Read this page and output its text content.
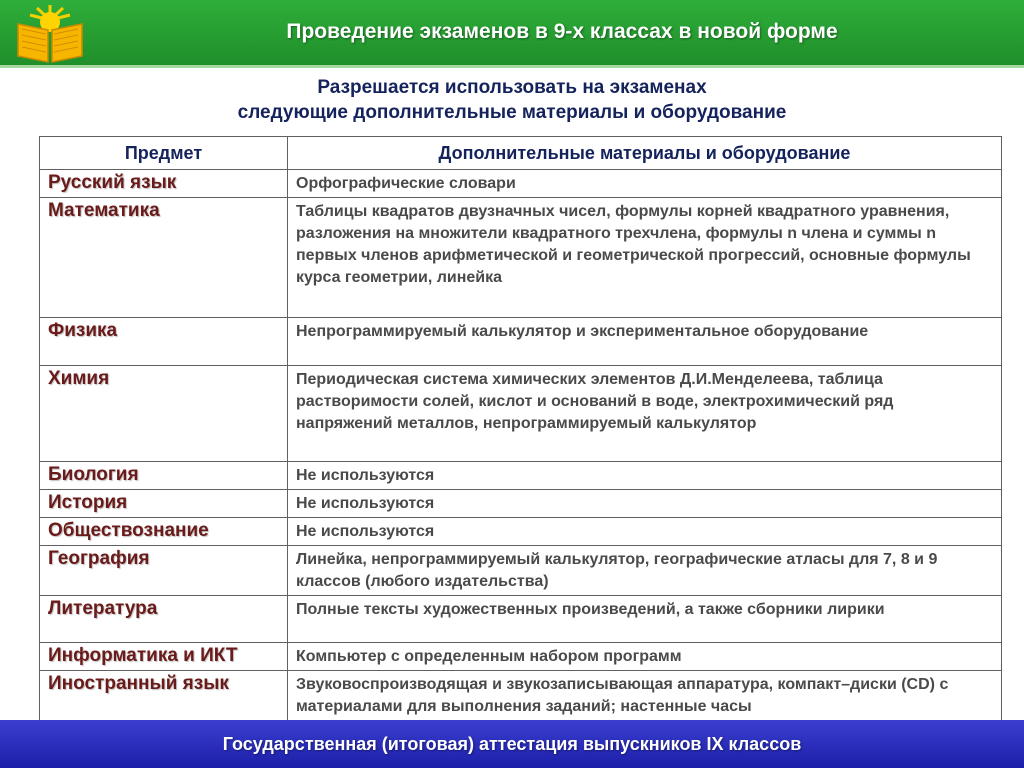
Проведение экзаменов в 9-х классах в новой форме
Разрешается использовать на экзаменах
следующие дополнительные материалы и оборудование
Предмет	Дополнительные материалы и оборудование
Русский язык	Орфографические словари
Математика	Таблицы квадратов двузначных чисел, формулы корней квадратного уравнения, разложения на множители квадратного трехчлена, формулы n члена и суммы n первых членов арифметической и геометрической прогрессий, основные формулы курса геометрии, линейка
Физика	Непрограммируемый калькулятор и экспериментальное оборудование
Химия	Периодическая система химических элементов Д.И.Менделеева, таблица растворимости солей, кислот и оснований в воде, электрохимический ряд напряжений металлов, непрограммируемый калькулятор
Биология	Не используются
История	Не используются
Обществознание	Не используются
География	Линейка, непрограммируемый калькулятор, географические атласы для 7, 8 и 9 классов (любого издательства)
Литература	Полные тексты художественных произведений, а также сборники лирики
Информатика и ИКТ	Компьютер с определенным набором программ
Иностранный язык	Звуковоспроизводящая и звукозаписывающая аппаратура, компакт–диски (CD) с материалами для выполнения заданий; настенные часы
Государственная (итоговая) аттестация выпускников IX классов
